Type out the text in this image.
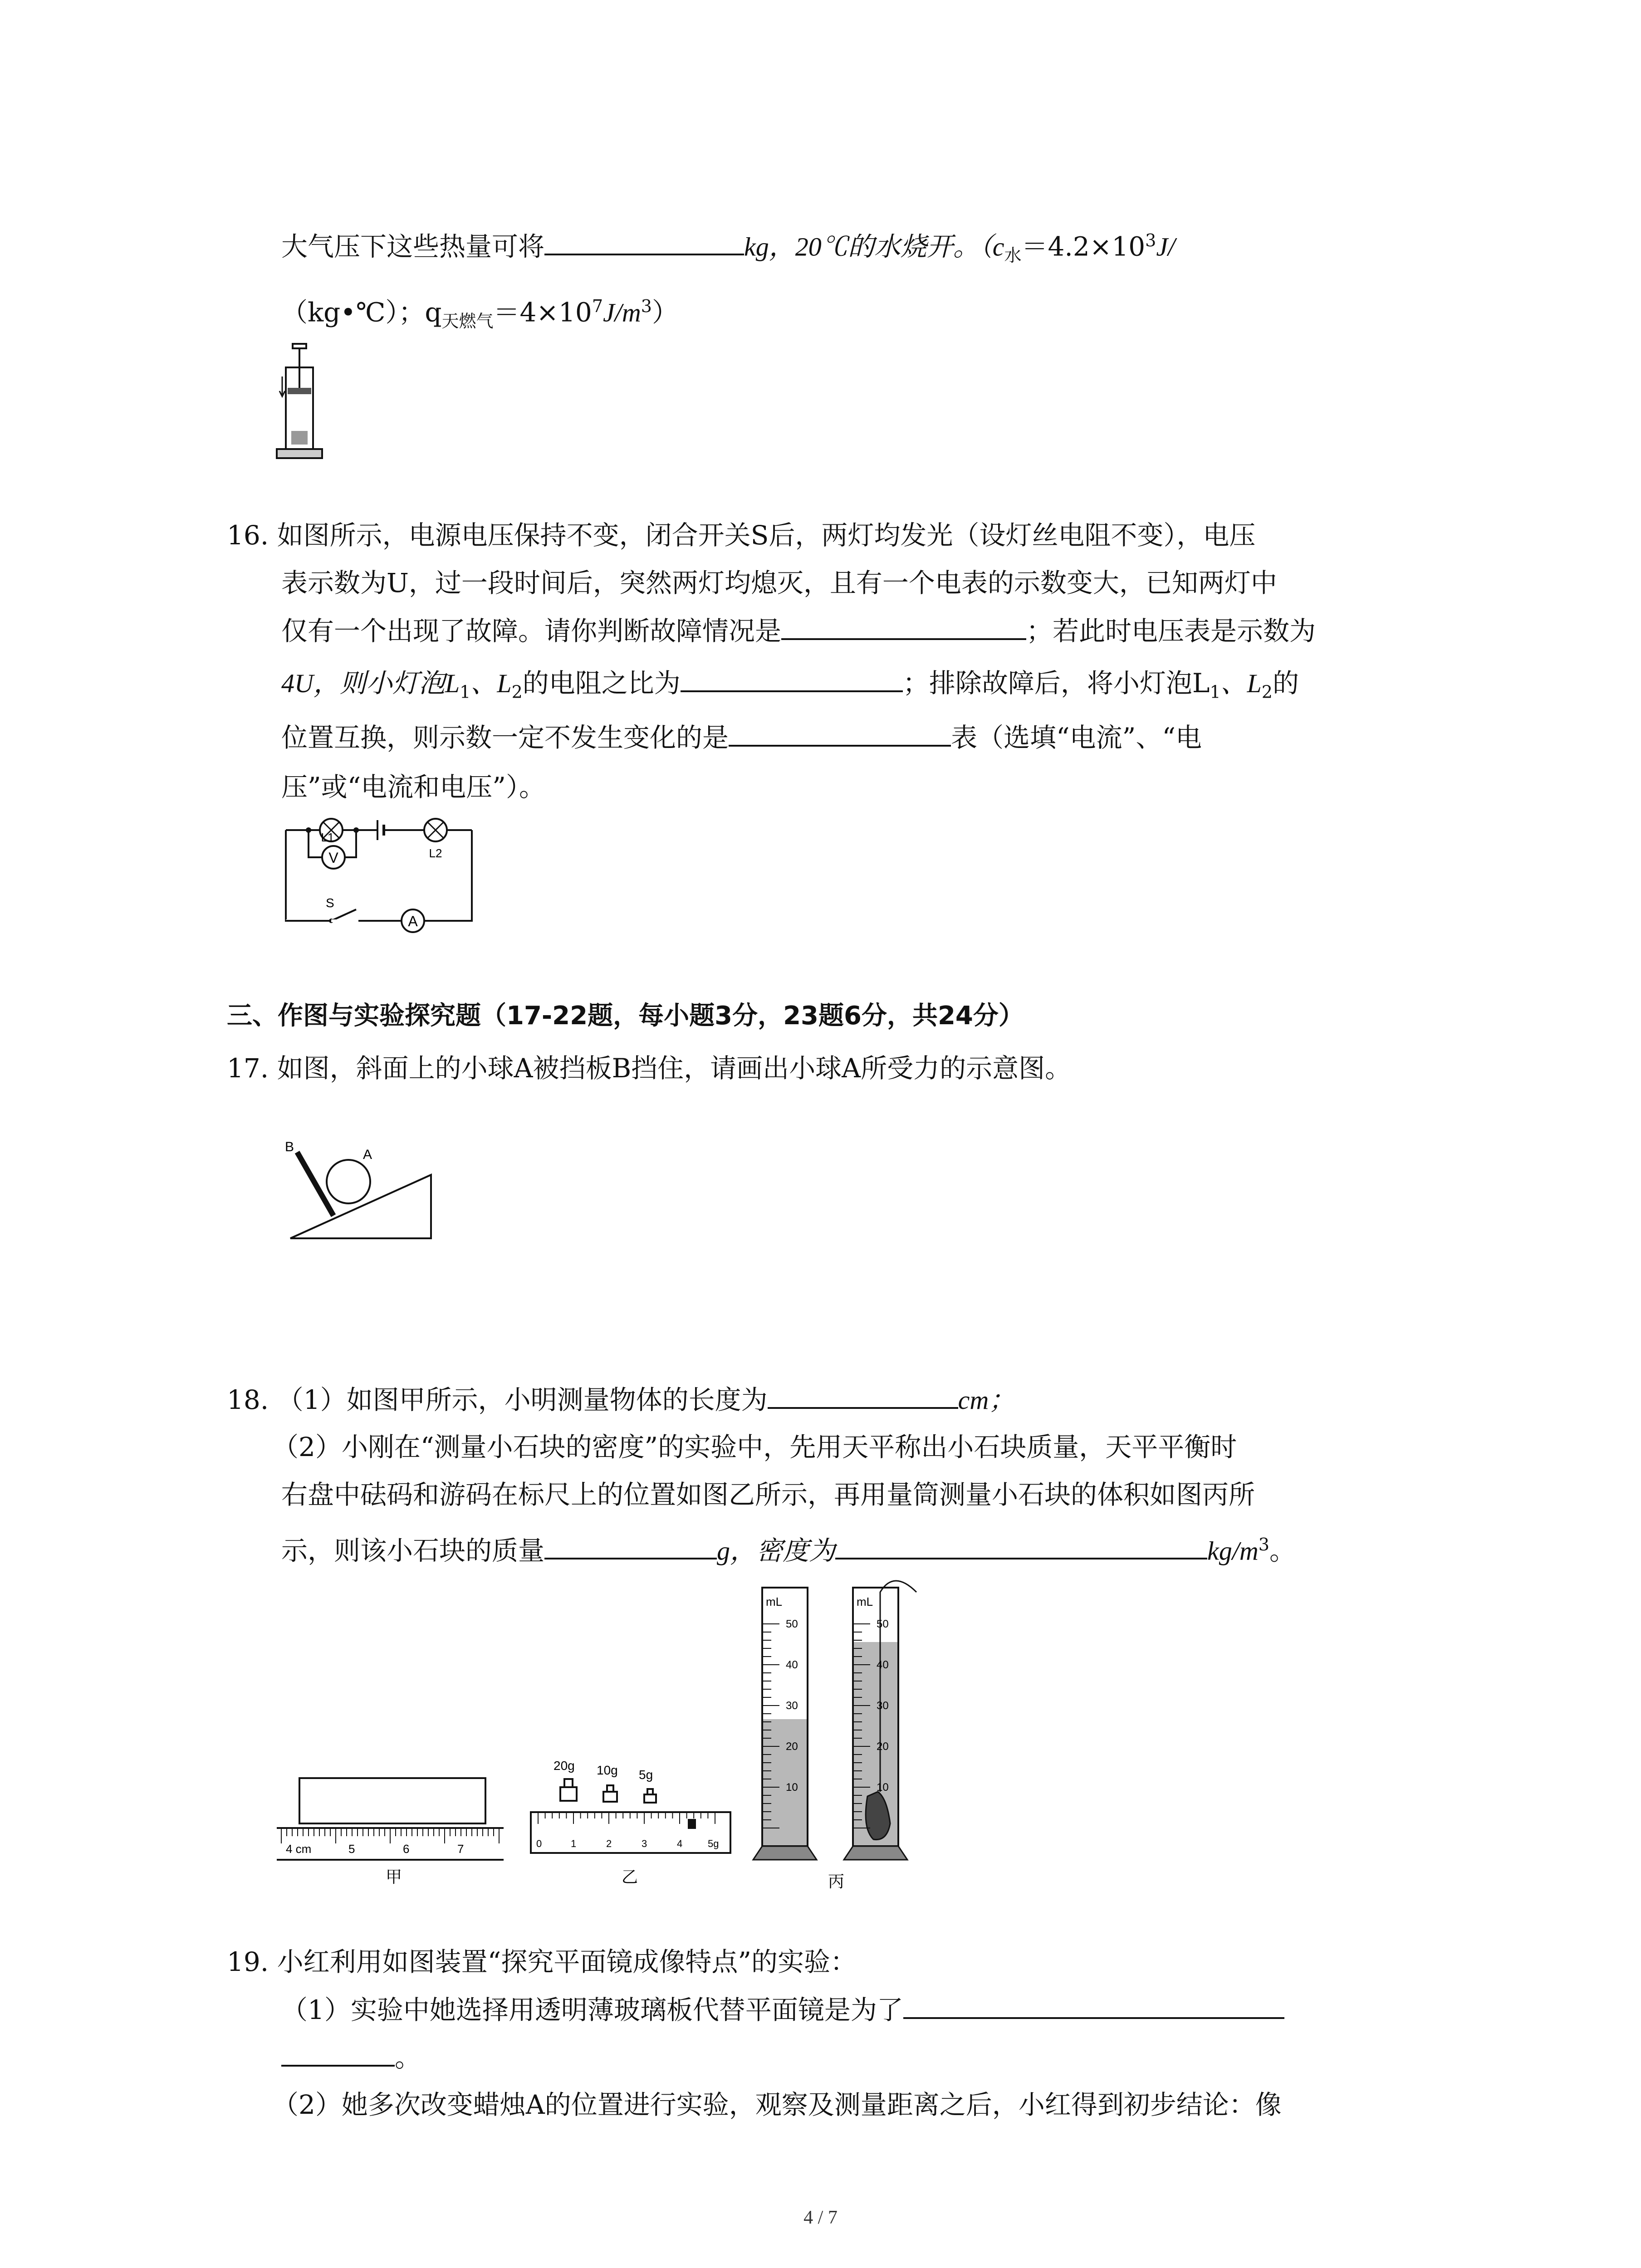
大气压下这些热量可将	kg，20℃的水烧开。（$c_水=4.2\times 10^3J/$
（kg•℃）；$q_{天燃气}=4\times 10^7J/m^3$）
16. 如图所示，电源电压保持不变，闭合开关S后，两灯均发光（设灯丝电阻不变），电压
表示数为U，过一段时间后，突然两灯均熄灭，且有一个电表的示数变大，已知两灯中
仅有一个出现了故障。请你判断故障情况是	；若此时电压表是示数为
4U，则小灯泡$L_1$、$L_2$的电阻之比为	；排除故障后，将小灯泡$L_1$、$L_2$的
位置互换，则示数一定不发生变化的是	表（选填“电流”、“电
压”或“电流和电压”）。
V
L1
L2
S
A
三、作图与实验探究题（17-22题，每小题3分，23题6分，共24分）
17. 如图，斜面上的小球A被挡板B挡住，请画出小球A所受力的示意图。
B
A
18. （1）如图甲所示，小明测量物体的长度为	cm；
（2）小刚在“测量小石块的密度”的实验中，先用天平称出小石块质量，天平平衡时
右盘中砝码和游码在标尺上的位置如图乙所示，再用量筒测量小石块的体积如图丙所
示，则该小石块的质量	g，密度为	$kg/m^3$。
4 cm	5	6	7
甲
20g 10g 5g
0	1	2	3	4	5g
乙
mL
50
40
30
20
10
mL
50
40
30
20
10
丙
19. 小红利用如图装置“探究平面镜成像特点”的实验：
（1）实验中她选择用透明薄玻璃板代替平面镜是为了
。
（2）她多次改变蜡烛A的位置进行实验，观察及测量距离之后，小红得到初步结论：像
4 / 7
